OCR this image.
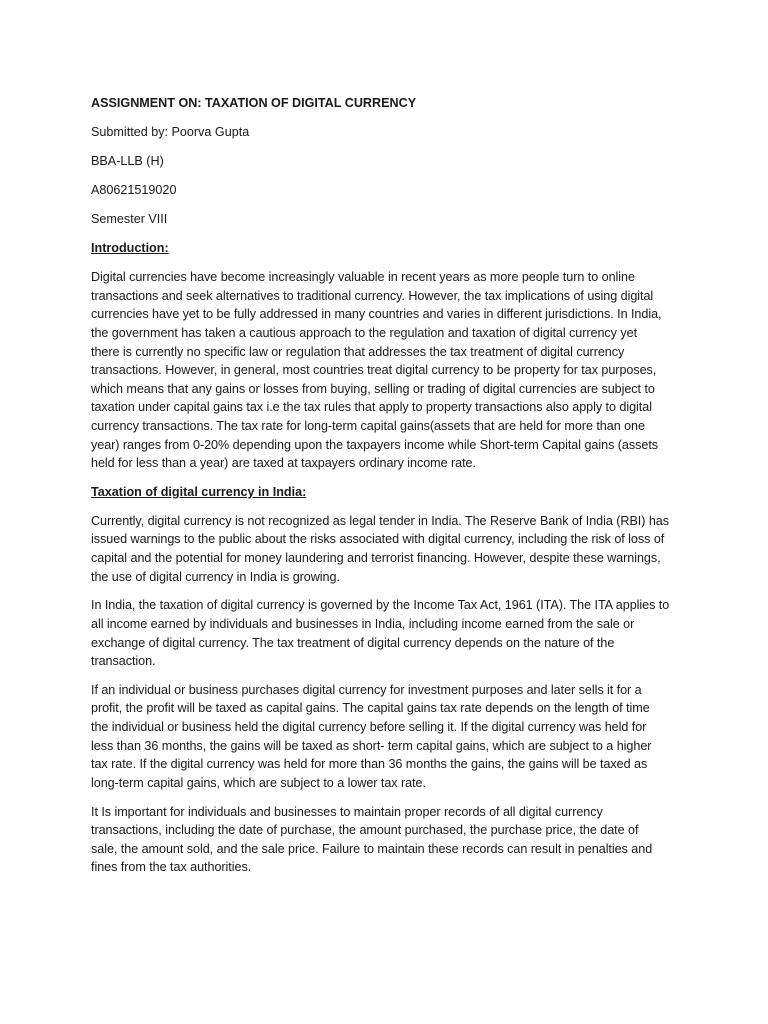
ASSIGNMENT ON: TAXATION OF DIGITAL CURRENCY

Submitted by: Poorva Gupta

BBA-LLB (H)

A80621519020

Semester VIII

Introduction:

Digital currencies have become increasingly valuable in recent years as more people turn to online
transactions and seek alternatives to traditional currency. However, the tax implications of using digital
currencies have yet to be fully addressed in many countries and varies in different jurisdictions. In India,
the government has taken a cautious approach to the regulation and taxation of digital currency yet
there is currently no specific law or regulation that addresses the tax treatment of digital currency
transactions. However, in general, most countries treat digital currency to be property for tax purposes,
which means that any gains or losses from buying, selling or trading of digital currencies are subject to
taxation under capital gains tax i.e the tax rules that apply to property transactions also apply to digital
currency transactions. The tax rate for long-term capital gains(assets that are held for more than one
year) ranges from 0-20% depending upon the taxpayers income while Short-term Capital gains (assets
held for less than a year) are taxed at taxpayers ordinary income rate.

Taxation of digital currency in India:

Currently, digital currency is not recognized as legal tender in India. The Reserve Bank of India (RBI) has
issued warnings to the public about the risks associated with digital currency, including the risk of loss of
capital and the potential for money laundering and terrorist financing. However, despite these warnings,
the use of digital currency in India is growing.
In India, the taxation of digital currency is governed by the Income Tax Act, 1961 (ITA). The ITA applies to
all income earned by individuals and businesses in India, including income earned from the sale or
exchange of digital currency. The tax treatment of digital currency depends on the nature of the
transaction.
If an individual or business purchases digital currency for investment purposes and later sells it for a
profit, the profit will be taxed as capital gains. The capital gains tax rate depends on the length of time
the individual or business held the digital currency before selling it. If the digital currency was held for
less than 36 months, the gains will be taxed as short- term capital gains, which are subject to a higher
tax rate. If the digital currency was held for more than 36 months the gains, the gains will be taxed as
long-term capital gains, which are subject to a lower tax rate.
It Is important for individuals and businesses to maintain proper records of all digital currency
transactions, including the date of purchase, the amount purchased, the purchase price, the date of
sale, the amount sold, and the sale price. Failure to maintain these records can result in penalties and
fines from the tax authorities.
